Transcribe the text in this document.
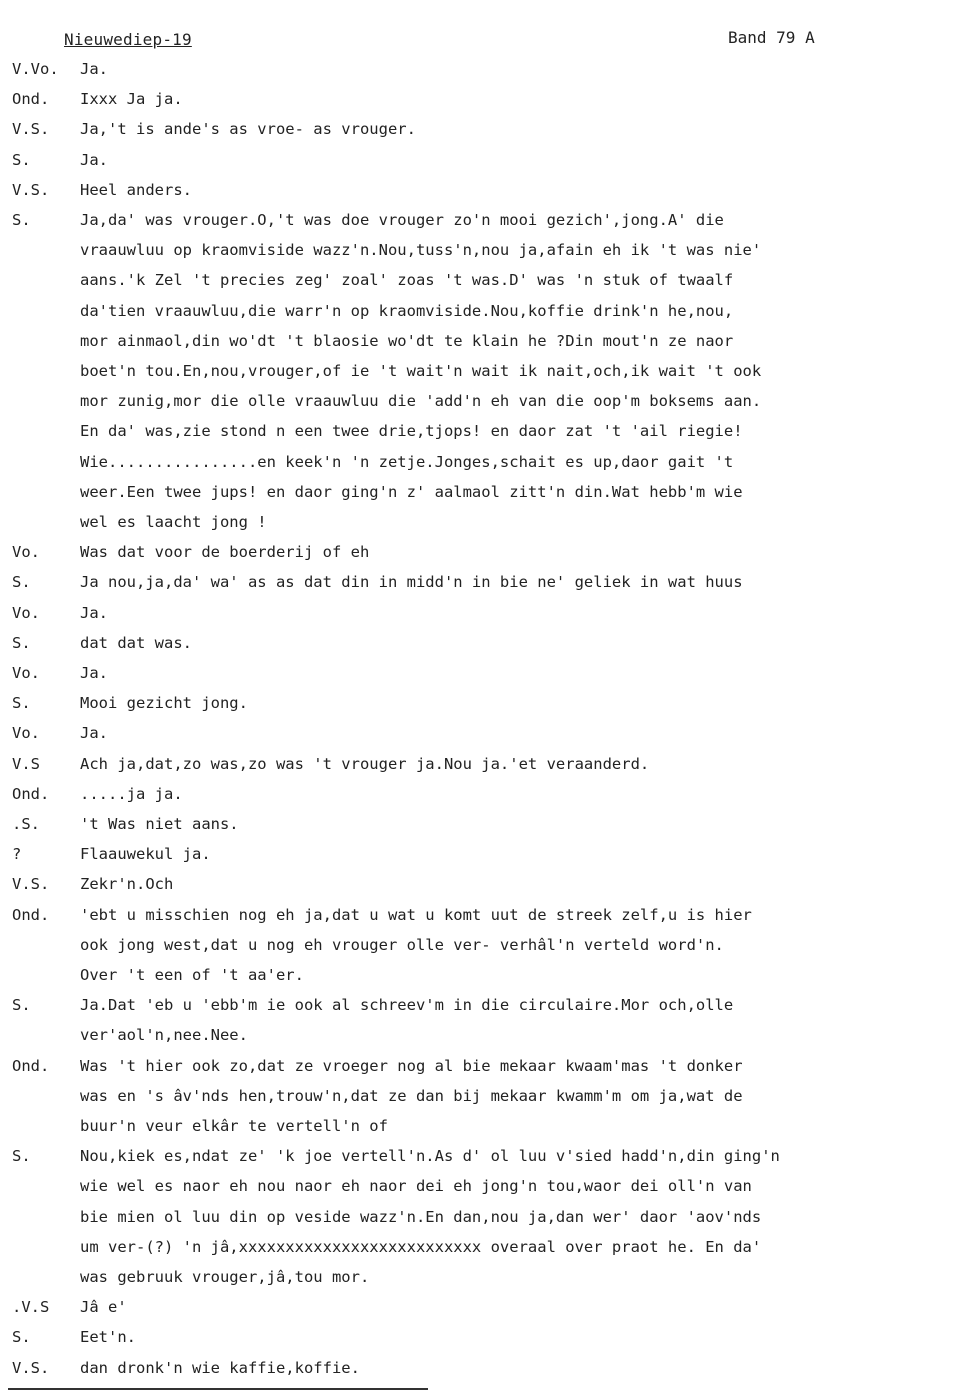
Nieuwediep-19	Band 79 A
V.Vo. Ja.
Ond. Ixxx Ja ja.
V.S. Ja,'t is ande's as vroe- as vrouger.
S.	Ja.
V.S. Heel anders.
S.	Ja,da' was vrouger.O,'t was doe vrouger zo'n mooi gezich',jong.A' die
vraauwluu op kraomviside wazz'n.Nou,tuss'n,nou ja,afain eh ik 't was nie'
aans.'k Zel 't precies zeg' zoal' zoas 't was.D' was 'n stuk of twaalf
da'tien vraauwluu,die warr'n op kraomviside.Nou,koffie drink'n he,nou,
mor ainmaol,din wo'dt 't blaosie wo'dt te klain he ?Din mout'n ze naor
boet'n tou.En,nou,vrouger,of ie 't wait'n wait ik nait,och,ik wait 't ook
mor zunig,mor die olle vraauwluu die 'add'n eh van die oop'm boksems aan.
En da' was,zie stond n een twee drie,tjops! en daor zat 't 'ail riegie!
Wie................en keek'n 'n zetje.Jonges,schait es up,daor gait 't
weer.Een twee jups! en daor ging'n z' aalmaol zitt'n din.Wat hebb'm wie
wel es laacht jong !
Vo.	Was dat voor de boerderij of eh
S.	Ja nou,ja,da' wa' as as dat din in midd'n in bie ne' geliek in wat huus
Vo.	Ja.
S.	dat dat was.
Vo.	Ja.
S.	Mooi gezicht jong.
Vo.	Ja.
V.S	Ach ja,dat,zo was,zo was 't vrouger ja.Nou ja.'et veraanderd.
Ond. .....ja ja.
.S.	't Was niet aans.
?	Flaauwekul ja.
V.S. Zekr'n.Och
Ond. 'ebt u misschien nog eh ja,dat u wat u komt uut de streek zelf,u is hier
ook jong west,dat u nog eh vrouger olle ver- verhâl'n verteld word'n.
Over 't een of 't aa'er.
S.	Ja.Dat 'eb u 'ebb'm ie ook al schreev'm in die circulaire.Mor och,olle
ver'aol'n,nee.Nee.
Ond. Was 't hier ook zo,dat ze vroeger nog al bie mekaar kwaam'mas 't donker
was en 's âv'nds hen,trouw'n,dat ze dan bij mekaar kwamm'm om ja,wat de
buur'n veur elkâr te vertell'n of
S.	Nou,kiek es,ndat ze' 'k joe vertell'n.As d' ol luu v'sied hadd'n,din ging'n
wie wel es naor eh nou naor eh naor dei eh jong'n tou,waor dei oll'n van
bie mien ol luu din op veside wazz'n.En dan,nou ja,dan wer' daor 'aov'nds
um ver-(?) 'n jâ,xxxxxxxxxxxxxxxxxxxxxxxxxx overaal over praot he. En da'
was gebruuk vrouger,jâ,tou mor.
.V.S Jâ e'
S.	Eet'n.
V.S. dan dronk'n wie kaffie,koffie.
